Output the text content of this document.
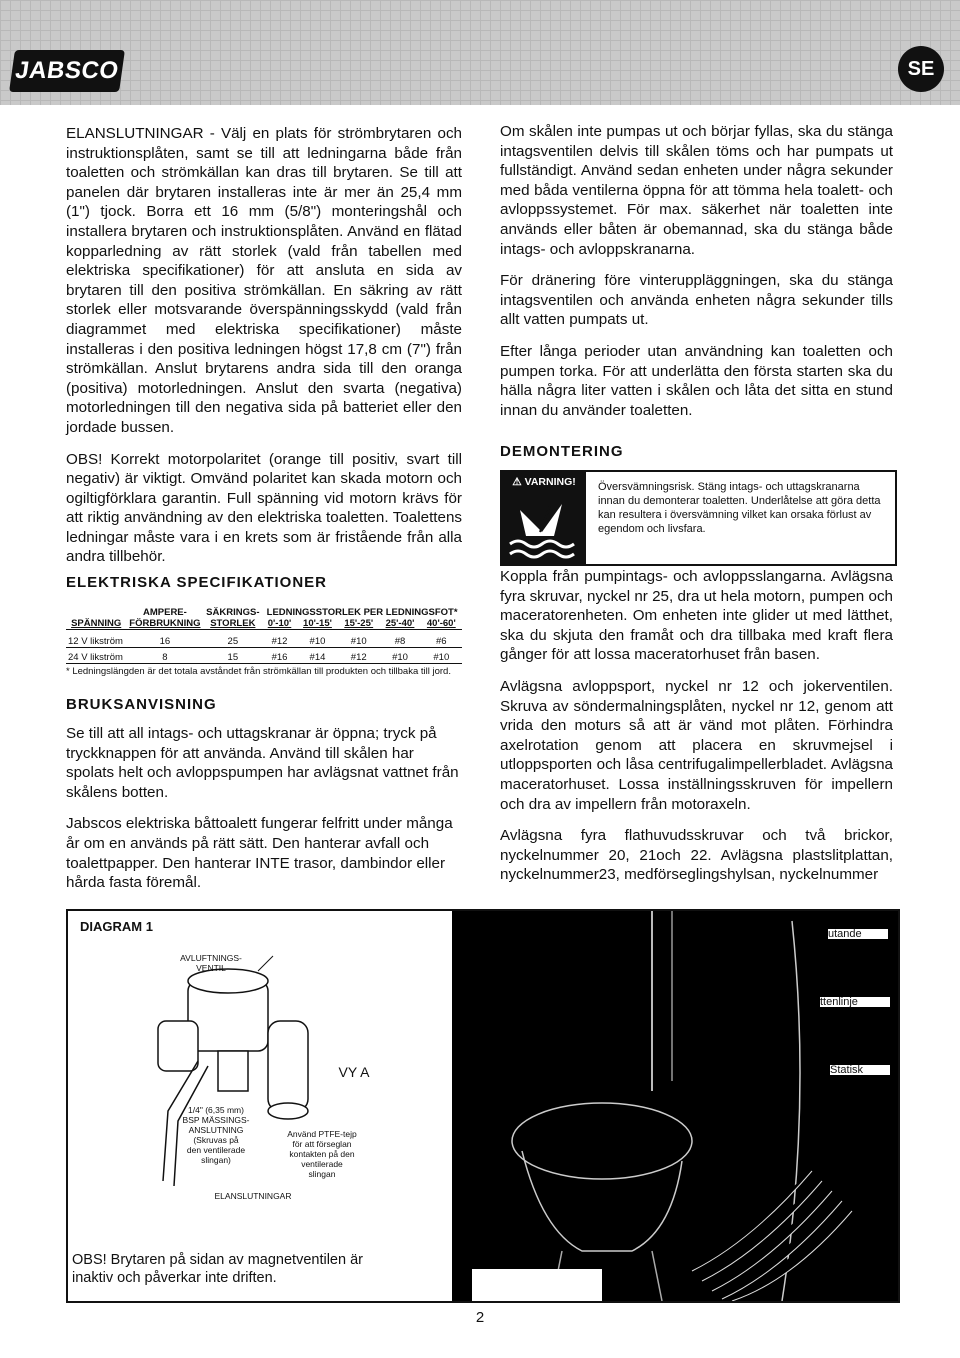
JABSCO	SE

ELANSLUTNINGAR - Välj en plats för strömbrytaren och instruktionsplåten, samt se till att ledningarna både från toaletten och strömkällan kan dras till brytaren. Se till att panelen där brytaren installeras inte är mer än 25,4 mm (1") tjock. Borra ett 16 mm (5/8") monteringshål och installera brytaren och instruktionsplåten. Använd en flätad kopparledning av rätt storlek (vald från tabellen med elektriska specifikationer) för att ansluta en sida av brytaren till den positiva strömkällan. En säkring av rätt storlek eller motsvarande överspänningsskydd (vald från diagrammet med elektriska specifikationer) måste installeras i den positiva ledningen högst 17,8 cm (7") från strömkällan. Anslut brytarens andra sida till den oranga (positiva) motorledningen. Anslut den svarta (negativa) motorledningen till den negativa sida på batteriet eller den jordade bussen.

OBS! Korrekt motorpolaritet (orange till positiv, svart till negativ) är viktigt. Omvänd polaritet kan skada motorn och ogiltigförklara garantin. Full spänning vid motorn krävs för att riktig användning av den elektriska toaletten. Toalettens ledningar måste vara i en krets som är fristående från alla andra tillbehör.

ELEKTRISKA SPECIFIKATIONER
	AMPERE-	SÄKRINGS-	LEDNINGSSTORLEK PER LEDNINGSFOT*				
SPÄNNING	FÖRBRUKNING	STORLEK	0'-10'	10'-15'	15'-25'	25'-40'	40'-60'
12 V likström	16	25	#12	#10	#10	#8	#6
24 V likström	8	15	#16	#14	#12	#10	#10
* Ledningslängden är det totala avståndet från strömkällan till produkten och tillbaka till jord.
BRUKSANVISNING

Se till att all intags- och uttagskranar är öppna; tryck på tryckknappen för att använda. Använd till skålen har spolats helt och avloppspumpen har avlägsnat vattnet från skålens botten.

Jabscos elektriska båttoalett fungerar felfritt under många år om en används på rätt sätt. Den hanterar avfall och toalettpapper. Den hanterar INTE trasor, dambindor eller hårda fasta föremål.

Om skålen inte pumpas ut och börjar fyllas, ska du stänga intagsventilen delvis till skålen töms och har pumpats ut fullständigt. Använd sedan enheten under några sekunder med båda ventilerna öppna för att tömma hela toalett- och avloppssystemet. För max. säkerhet när toaletten inte används eller båten är obemannad, ska du stänga både intags- och avloppskranarna.

För dränering före vinteruppläggningen, ska du stänga intagsventilen och använda enheten några sekunder tills allt vatten pumpats ut.

Efter långa perioder utan användning kan toaletten och pumpen torka. För att underlätta den första starten ska du hälla några liter vatten i skålen och låta det sitta en stund innan du använder toaletten.

DEMONTERING
⚠ VARNING!	Översvämningsrisk. Stäng intags- och uttagskranarna innan du demonterar toaletten. Underlåtelse att göra detta kan resultera i översvämning vilket kan orsaka förlust av egendom och livsfara.

Koppla från pumpintags- och avloppsslangarna. Avlägsna fyra skruvar, nyckel nr 25, dra ut hela motorn, pumpen och maceratorenheten. Om enheten inte glider ut med lätthet, ska du skjuta den framåt och dra tillbaka med kraft flera gånger för att lossa maceratorhuset från basen.

Avlägsna avloppsport, nyckel nr 12 och jokerventilen. Skruva av söndermalningsplåten, nyckel nr 12, genom att vrida den moturs så att är vänd mot plåten. Förhindra axelrotation genom att placera en skruvmejsel i utloppsporten och låsa centrifugalimpellerbladet. Avlägsna maceratorhuset. Lossa inställningsskruven för impellern och dra av impellern från motoraxeln.

Avlägsna fyra flathuvudsskruvar och två brickor, nyckelnummer 20, 21och 22. Avlägsna plastslitplattan, nyckelnummer23, medförseglingshylsan, nyckelnummer

DIAGRAM 1
AVLUFTNINGS-
VENTIL
1/4" (6,35 mm)
BSP MÄSSINGS-
ANSLUTNING
(Skruvas på
den ventilerade
slingan)
Använd PTFE-tejp
för att förseglan
kontakten på den
ventilerade
slingan
ELANSLUTNINGAR
VY A
utande
ttenlinje
Statisk
OBS! Brytaren på sidan av magnetventilen är inaktiv och påverkar inte driften.
2
